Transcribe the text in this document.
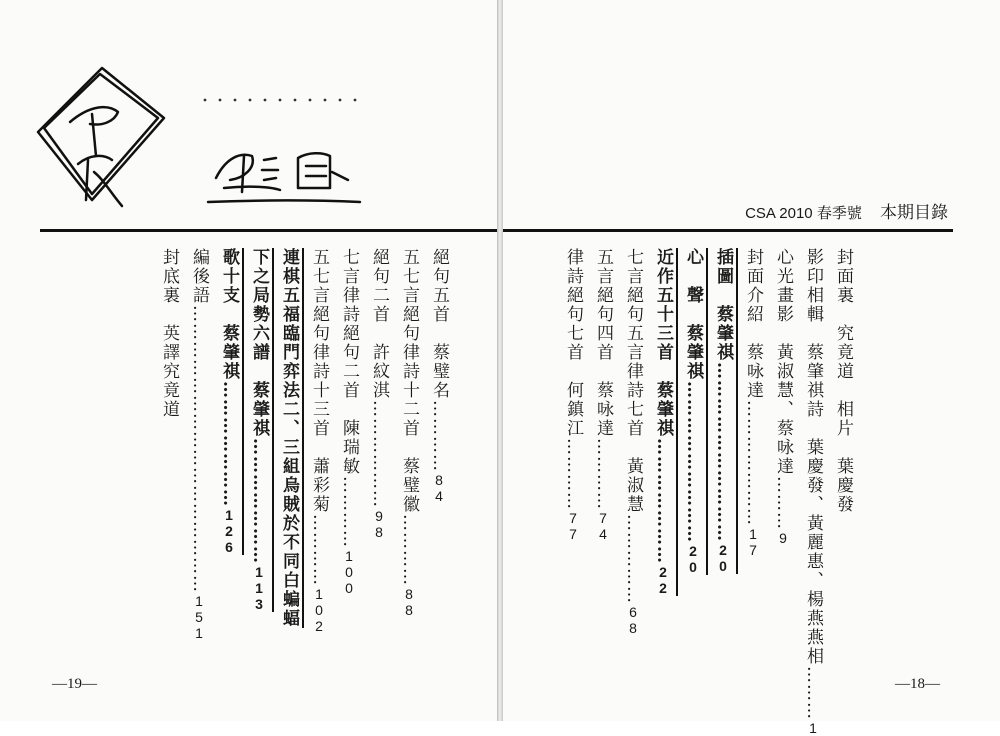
CSA 2010 春季號 本期目錄
封面裏　究竟道　相片　葉慶發
影印相輯　蔡肇祺詩　葉慶發、黃麗惠、楊燕燕相………1
心光畫影　黃淑慧、蔡咏達………9
封面介紹　蔡咏達…………………17
插圖　蔡肇祺…………………………20
心　聲　蔡肇祺………………………20
近作五十三首　蔡肇祺…………………22
七言絕句五言律詩七首　黃淑慧……………68
五言絕句四首　蔡咏達…………74
律詩絕句七首　何鎮江…………77
絕句五首　蔡璧名…………84
五七言絕句律詩十二首　蔡璧徽…………88
絕句二首　許紋淇………………98
七言律詩絕句二首　陳瑞敏…………100
五七言絕句律詩十三首　蕭彩菊…………102
連棋五福臨門弈法二、三組烏賊於不同白蝙蝠
下之局勢六譜　蔡肇祺…………………113
歌十支　蔡肇祺…………………126
編後語…………………………………………151
封底裏　英譯究竟道
—19—	—18—
